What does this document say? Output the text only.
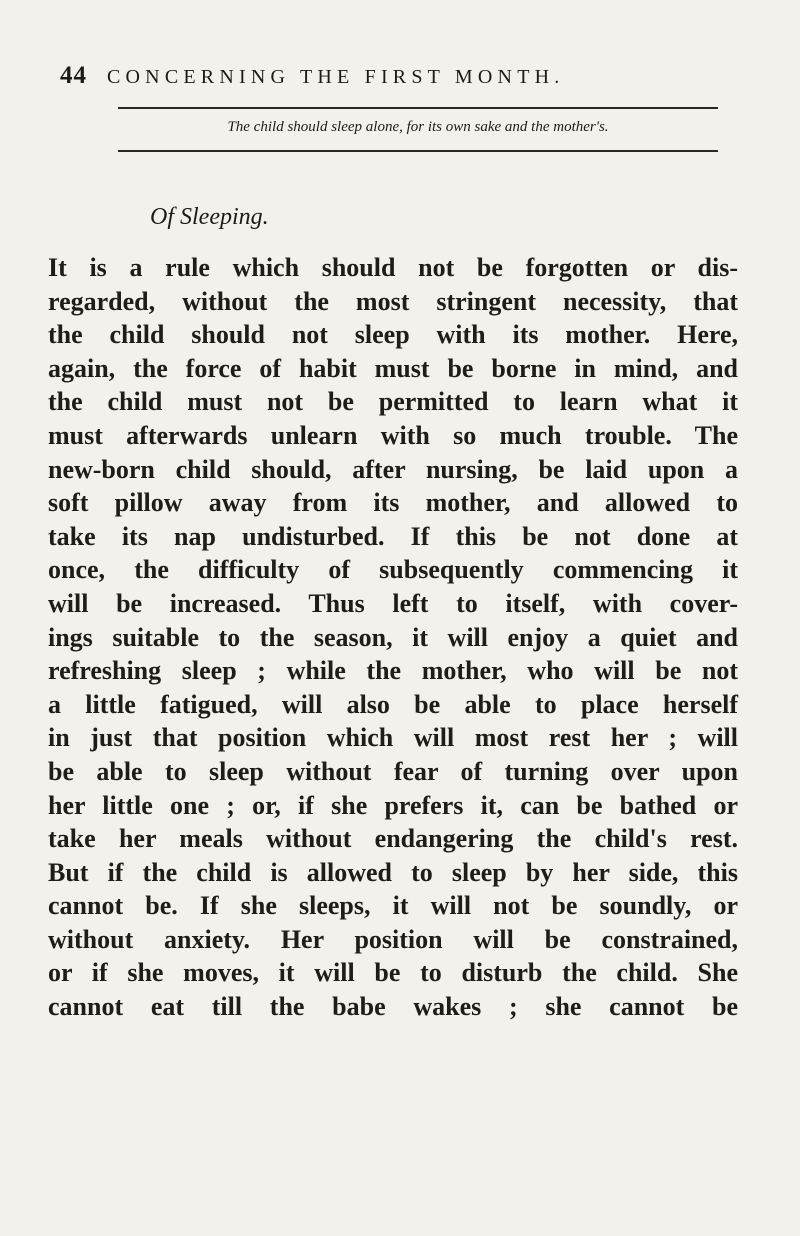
44 CONCERNING THE FIRST MONTH.
The child should sleep alone, for its own sake and the mother's.
Of Sleeping.
It is a rule which should not be forgotten or dis-
regarded, without the most stringent necessity, that
the child should not sleep with its mother. Here,
again, the force of habit must be borne in mind, and
the child must not be permitted to learn what it
must afterwards unlearn with so much trouble. The
new-born child should, after nursing, be laid upon a
soft pillow away from its mother, and allowed to
take its nap undisturbed. If this be not done at
once, the difficulty of subsequently commencing it
will be increased. Thus left to itself, with cover-
ings suitable to the season, it will enjoy a quiet and
refreshing sleep ; while the mother, who will be not
a little fatigued, will also be able to place herself
in just that position which will most rest her ; will
be able to sleep without fear of turning over upon
her little one ; or, if she prefers it, can be bathed or
take her meals without endangering the child's rest.
But if the child is allowed to sleep by her side, this
cannot be. If she sleeps, it will not be soundly, or
without anxiety. Her position will be constrained,
or if she moves, it will be to disturb the child. She
cannot eat till the babe wakes ; she cannot be
